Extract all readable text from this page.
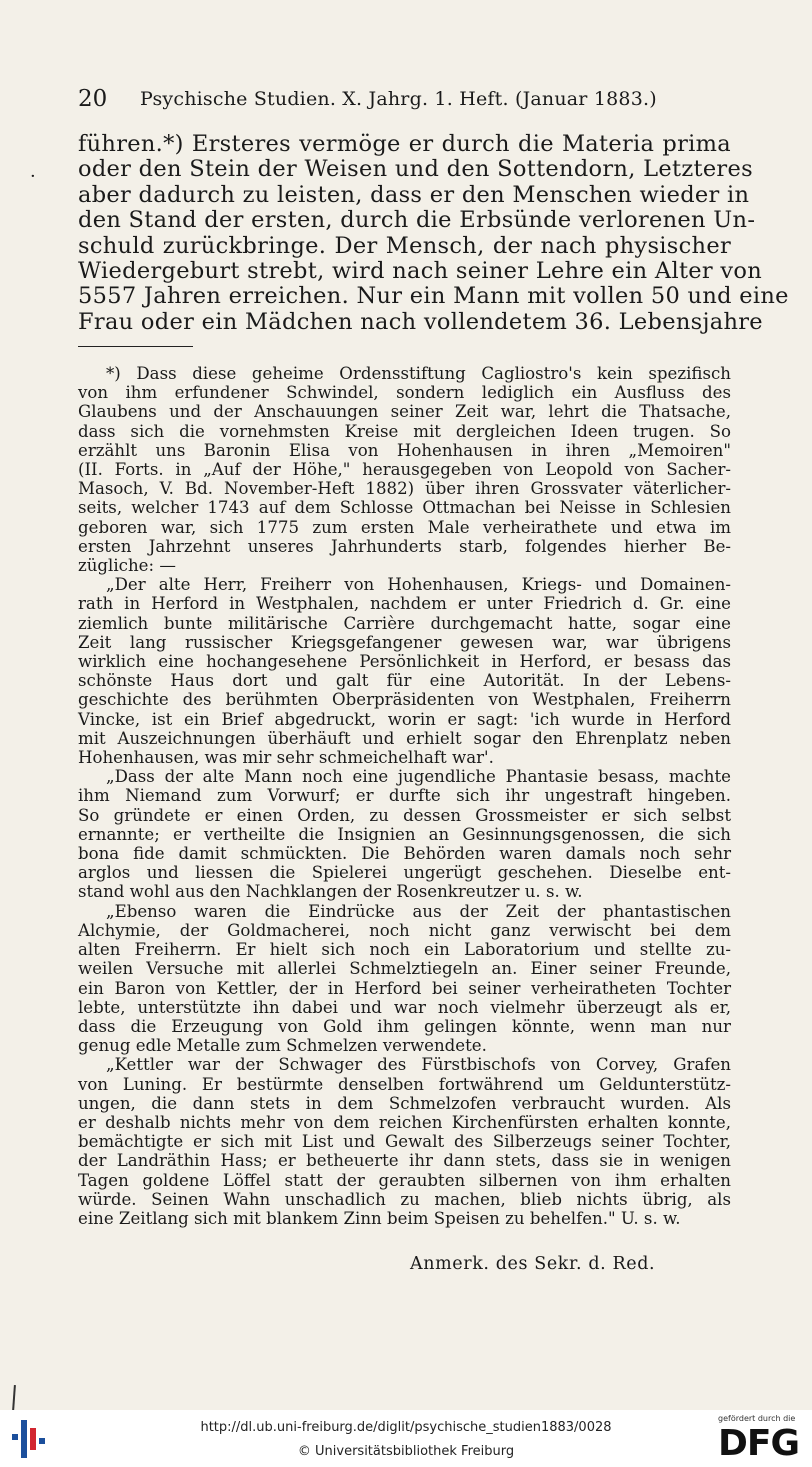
20 Psychische Studien. X. Jahrg. 1. Heft. (Januar 1883.)
·
führen.*) Ersteres vermöge er durch die Materia prima
oder den Stein der Weisen und den Sottendorn, Letzteres
aber dadurch zu leisten, dass er den Menschen wieder in
den Stand der ersten, durch die Erbsünde verlorenen Un-
schuld zurückbringe. Der Mensch, der nach physischer
Wiedergeburt strebt, wird nach seiner Lehre ein Alter von
5557 Jahren erreichen. Nur ein Mann mit vollen 50 und eine
Frau oder ein Mädchen nach vollendetem 36. Lebensjahre
*) Dass diese geheime Ordensstiftung Cagliostro's kein spezifisch
von ihm erfundener Schwindel, sondern lediglich ein Ausfluss des
Glaubens und der Anschauungen seiner Zeit war, lehrt die Thatsache,
dass sich die vornehmsten Kreise mit dergleichen Ideen trugen. So
erzählt uns Baronin Elisa von Hohenhausen in ihren „Memoiren"
(II. Forts. in „Auf der Höhe," herausgegeben von Leopold von Sacher-
Masoch, V. Bd. November-Heft 1882) über ihren Grossvater väterlicher-
seits, welcher 1743 auf dem Schlosse Ottmachan bei Neisse in Schlesien
geboren war, sich 1775 zum ersten Male verheirathete und etwa im
ersten Jahrzehnt unseres Jahrhunderts starb, folgendes hierher Be-
zügliche: —
„Der alte Herr, Freiherr von Hohenhausen, Kriegs- und Domainen-
rath in Herford in Westphalen, nachdem er unter Friedrich d. Gr. eine
ziemlich bunte militärische Carrière durchgemacht hatte, sogar eine
Zeit lang russischer Kriegsgefangener gewesen war, war übrigens
wirklich eine hochangesehene Persönlichkeit in Herford, er besass das
schönste Haus dort und galt für eine Autorität. In der Lebens-
geschichte des berühmten Oberpräsidenten von Westphalen, Freiherrn
Vincke, ist ein Brief abgedruckt, worin er sagt: 'ich wurde in Herford
mit Auszeichnungen überhäuft und erhielt sogar den Ehrenplatz neben
Hohenhausen, was mir sehr schmeichelhaft war'.
„Dass der alte Mann noch eine jugendliche Phantasie besass, machte
ihm Niemand zum Vorwurf; er durfte sich ihr ungestraft hingeben.
So gründete er einen Orden, zu dessen Grossmeister er sich selbst
ernannte; er vertheilte die Insignien an Gesinnungsgenossen, die sich
bona fide damit schmückten. Die Behörden waren damals noch sehr
arglos und liessen die Spielerei ungerügt geschehen. Dieselbe ent-
stand wohl aus den Nachklangen der Rosenkreutzer u. s. w.
„Ebenso waren die Eindrücke aus der Zeit der phantastischen
Alchymie, der Goldmacherei, noch nicht ganz verwischt bei dem
alten Freiherrn. Er hielt sich noch ein Laboratorium und stellte zu-
weilen Versuche mit allerlei Schmelztiegeln an. Einer seiner Freunde,
ein Baron von Kettler, der in Herford bei seiner verheiratheten Tochter
lebte, unterstützte ihn dabei und war noch vielmehr überzeugt als er,
dass die Erzeugung von Gold ihm gelingen könnte, wenn man nur
genug edle Metalle zum Schmelzen verwendete.
„Kettler war der Schwager des Fürstbischofs von Corvey, Grafen
von Luning. Er bestürmte denselben fortwährend um Geldunterstütz-
ungen, die dann stets in dem Schmelzofen verbraucht wurden. Als
er deshalb nichts mehr von dem reichen Kirchenfürsten erhalten konnte,
bemächtigte er sich mit List und Gewalt des Silberzeugs seiner Tochter,
der Landräthin Hass; er betheuerte ihr dann stets, dass sie in wenigen
Tagen goldene Löffel statt der geraubten silbernen von ihm erhalten
würde. Seinen Wahn unschadlich zu machen, blieb nichts übrig, als
eine Zeitlang sich mit blankem Zinn beim Speisen zu behelfen." U. s. w.
Anmerk. des Sekr. d. Red.
http://dl.ub.uni-freiburg.de/diglit/psychische_studien1883/0028
© Universitätsbibliothek Freiburg
gefördert durch die
DFG
